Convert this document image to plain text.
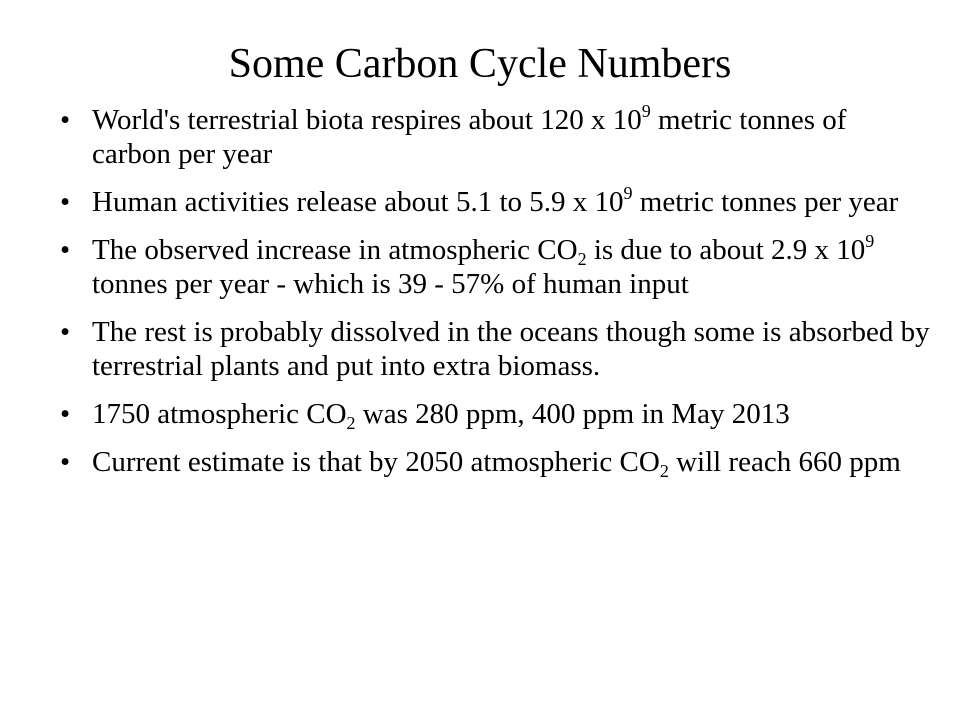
Some Carbon Cycle Numbers
• World's terrestrial biota respires about 120 x $10^9$ metric tonnes of carbon per year
• Human activities release about 5.1 to 5.9 x $10^9$ metric tonnes per year
• The observed increase in atmospheric $CO_2$ is due to about 2.9 x $10^9$ tonnes per year - which is 39 - 57% of human input
• The rest is probably dissolved in the oceans though some is absorbed by terrestrial plants and put into extra biomass.
• 1750 atmospheric $CO_2$ was 280 ppm, 400 ppm in May 2013
• Current estimate is that by 2050 atmospheric $CO_2$ will reach 660 ppm
